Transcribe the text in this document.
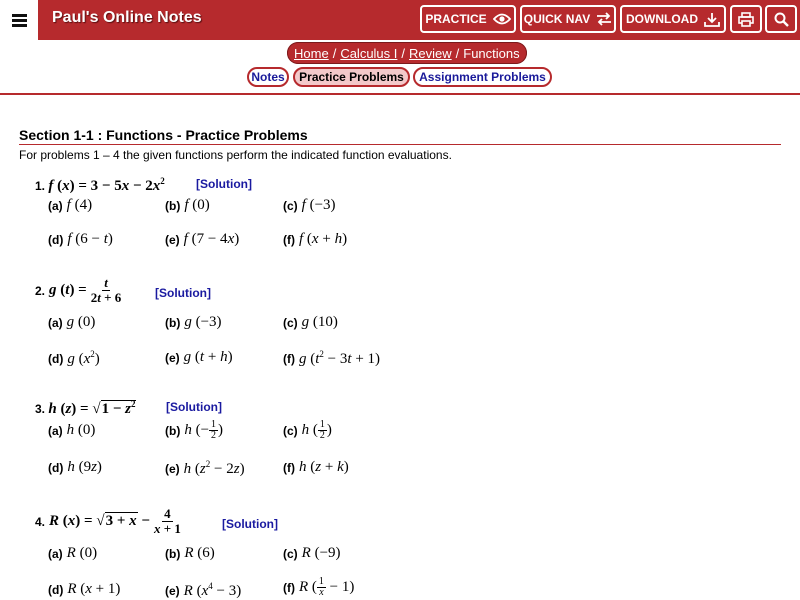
Paul's Online Notes	PRACTICE	QUICK NAV	DOWNLOAD
Home / Calculus I / Review / Functions
Notes	Practice Problems	Assignment Problems
Section 1-1 : Functions - Practice Problems
For problems 1 – 4 the given functions perform the indicated function evaluations.
1. f $(x) = 3 - 5x - 2x^2$	[Solution]
(a) f (4)	(b) f (0)	(c) f (−3)
(d) f (6 − t)	(e) f (7 − 4x)	(f) f (x + h)
2. g $(t) = \frac{t}{2t + 6}$	[Solution]
(a) g (0)	(b) g (−3)	(c) g (10)
(d) g $(x^2)$	(e) g (t + h)	(f) g $(t^2 - 3t + 1)$
3. h $(z) = √1 - z^2$	[Solution]
(a) h (0)	(b) h (− $\frac{1}{2}$ )	(c) h ( $\frac{1}{2}$ )
(d) h (9z)	(e) h $(z^2 - 2z)$	(f) h (z + k)
4. R $(x) = √3 + x - \frac{4}{x + 1}$	[Solution]
(a) R (0)	(b) R (6)	(c) R (−9)
(d) R (x + 1)	(e) R $(x^4 - 3)$	(f) R ( $\frac{1}{x} - 1$)
